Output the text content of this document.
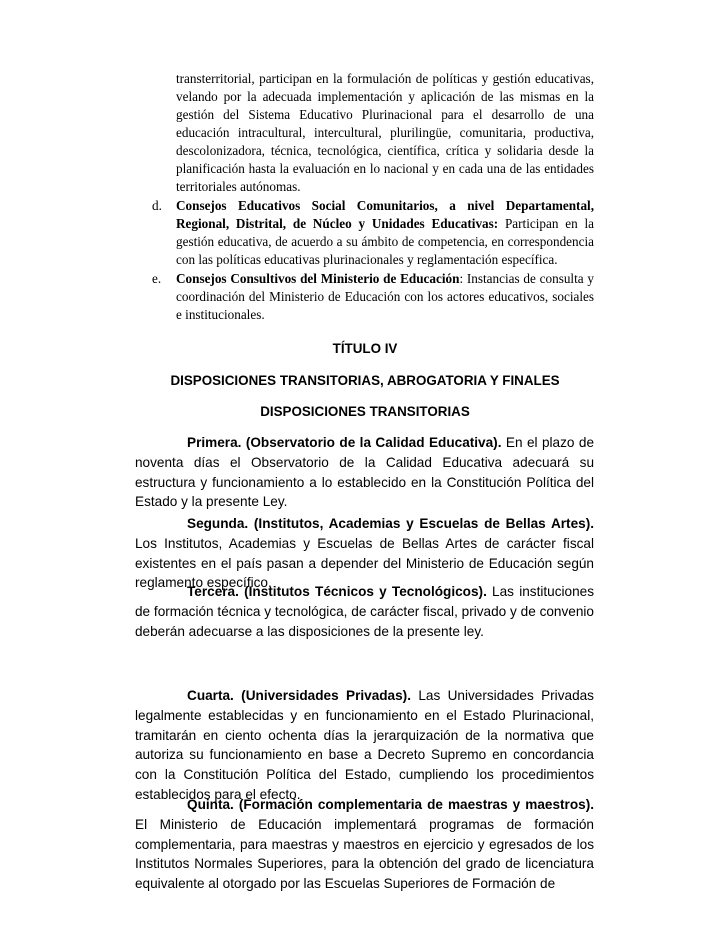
transterritorial, participan en la formulación de políticas y gestión educativas, velando por la adecuada implementación y aplicación de las mismas en la gestión del Sistema Educativo Plurinacional para el desarrollo de una educación intracultural, intercultural, plurilingüe, comunitaria, productiva, descolonizadora, técnica, tecnológica, científica, crítica y solidaria desde la planificación hasta la evaluación en lo nacional y en cada una de las entidades territoriales autónomas.
d. Consejos Educativos Social Comunitarios, a nivel Departamental, Regional, Distrital, de Núcleo y Unidades Educativas: Participan en la gestión educativa, de acuerdo a su ámbito de competencia, en correspondencia con las políticas educativas plurinacionales y reglamentación específica.
e. Consejos Consultivos del Ministerio de Educación: Instancias de consulta y coordinación del Ministerio de Educación con los actores educativos, sociales e institucionales.
TÍTULO IV
DISPOSICIONES TRANSITORIAS, ABROGATORIA Y FINALES
DISPOSICIONES TRANSITORIAS
Primera. (Observatorio de la Calidad Educativa). En el plazo de noventa días el Observatorio de la Calidad Educativa adecuará su estructura y funcionamiento a lo establecido en la Constitución Política del Estado y la presente Ley.
Segunda. (Institutos, Academias y Escuelas de Bellas Artes). Los Institutos, Academias y Escuelas de Bellas Artes de carácter fiscal existentes en el país pasan a depender del Ministerio de Educación según reglamento específico.
Tercera. (Institutos Técnicos y Tecnológicos). Las instituciones de formación técnica y tecnológica, de carácter fiscal, privado y de convenio deberán adecuarse a las disposiciones de la presente ley.
Cuarta. (Universidades Privadas). Las Universidades Privadas legalmente establecidas y en funcionamiento en el Estado Plurinacional, tramitarán en ciento ochenta días la jerarquización de la normativa que autoriza su funcionamiento en base a Decreto Supremo en concordancia con la Constitución Política del Estado, cumpliendo los procedimientos establecidos para el efecto.
Quinta. (Formación complementaria de maestras y maestros). El Ministerio de Educación implementará programas de formación complementaria, para maestras y maestros en ejercicio y egresados de los Institutos Normales Superiores, para la obtención del grado de licenciatura equivalente al otorgado por las Escuelas Superiores de Formación de
